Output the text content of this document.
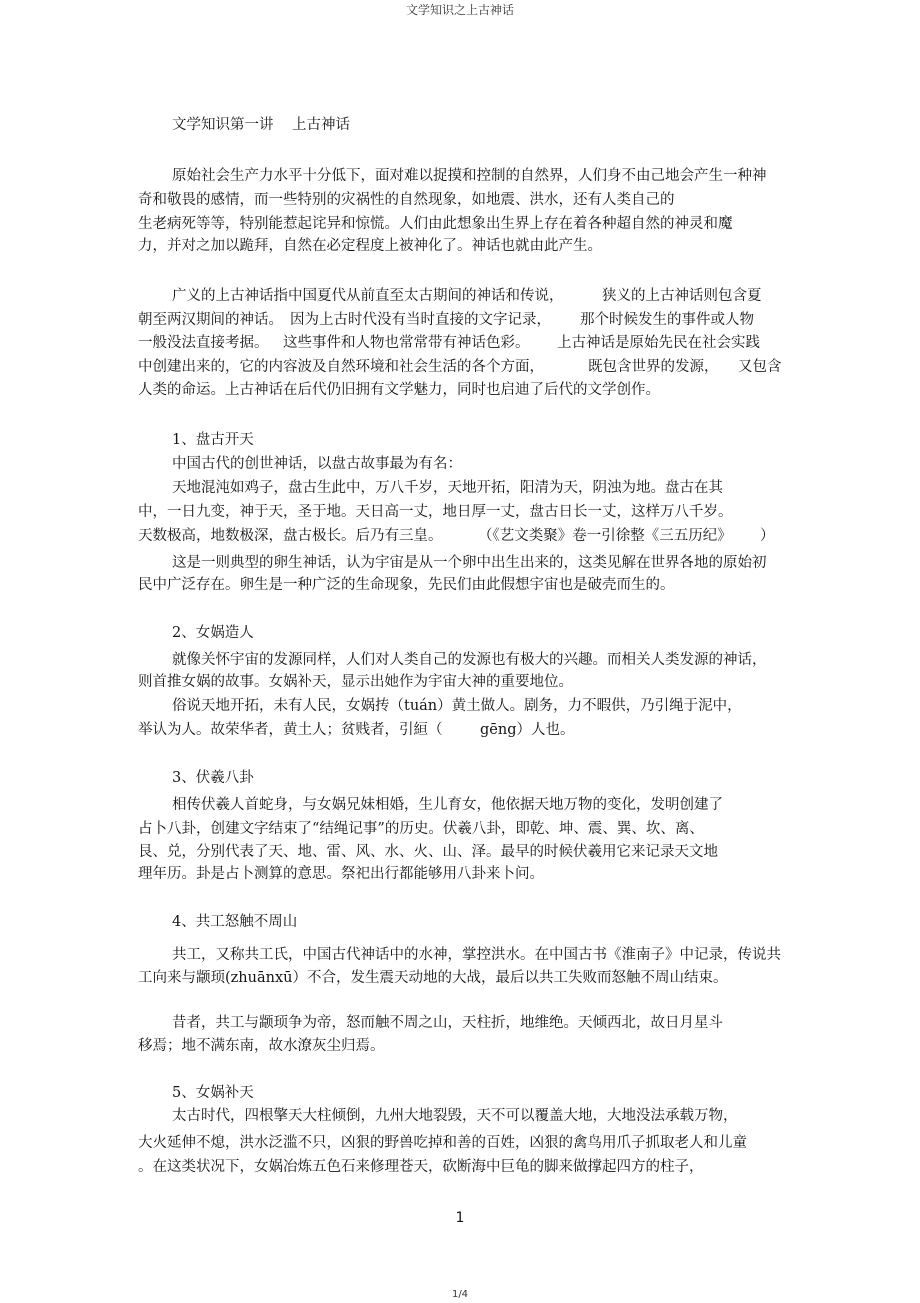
文学知识之上古神话
文学知识第一讲 上古神话
原始社会生产力水平十分低下，面对难以捉摸和控制的自然界，人们身不由己地会产生一种神
奇和敬畏的感情，而一些特别的灾祸性的自然现象，如地震、洪水，还有人类自己的
生老病死等等，特别能惹起诧异和惊慌。人们由此想象出生界上存在着各种超自然的神灵和魔
力，并对之加以跪拜，自然在必定程度上被神化了。神话也就由此产生。
广义的上古神话指中国夏代从前直至太古期间的神话和传说，	狭义的上古神话则包含夏
朝至两汉期间的神话。 因为上古时代没有当时直接的文字记录， 那个时候发生的事件或人物
一般没法直接考据。 这些事件和人物也常常带有神话色彩。 上古神话是原始先民在社会实践
中创建出来的，它的内容波及自然环境和社会生活的各个方面，	既包含世界的发源， 又包含
人类的命运。上古神话在后代仍旧拥有文学魅力，同时也启迪了后代的文学创作。
1、盘古开天
中国古代的创世神话，以盘古故事最为有名：
天地混沌如鸡子，盘古生此中，万八千岁，天地开拓，阳清为天，阴浊为地。盘古在其
中，一日九变，神于天，圣于地。天日高一丈，地日厚一丈，盘古日长一丈，这样万八千岁。
天数极高，地数极深，盘古极长。后乃有三皇。 （《艺文类聚》卷一引徐整《三五历纪》 ）
这是一则典型的卵生神话，认为宇宙是从一个卵中出生出来的，这类见解在世界各地的原始初
民中广泛存在。卵生是一种广泛的生命现象，先民们由此假想宇宙也是破壳而生的。
2、女娲造人
就像关怀宇宙的发源同样，人们对人类自己的发源也有极大的兴趣。而相关人类发源的神话，
则首推女娲的故事。女娲补天，显示出她作为宇宙大神的重要地位。
俗说天地开拓，未有人民，女娲抟（tuán）黄土做人。剧务，力不暇供，乃引绳于泥中，
举认为人。故荣华者，黄土人；贫贱者，引絙（	gēng）人也。
3、伏羲八卦
相传伏羲人首蛇身，与女娲兄妹相婚，生儿育女，他依据天地万物的变化，发明创建了
占卜八卦，创建文字结束了“结绳记事”的历史。伏羲八卦，即乾、坤、震、巽、坎、离、
艮、兑，分别代表了天、地、雷、风、水、火、山、泽。最早的时候伏羲用它来记录天文地
理年历。卦是占卜测算的意思。祭祀出行都能够用八卦来卜问。
4、共工怒触不周山
共工，又称共工氏，中国古代神话中的水神，掌控洪水。在中国古书《淮南子》中记录，传说共
工向来与颛顼(zhuānxū）不合，发生震天动地的大战，最后以共工失败而怒触不周山结束。
昔者，共工与颛顼争为帝，怒而触不周之山，天柱折，地维绝。天倾西北，故日月星斗
移焉；地不满东南，故水潦灰尘归焉。
5、女娲补天
太古时代，四根擎天大柱倾倒，九州大地裂毁，天不可以覆盖大地，大地没法承载万物，
大火延伸不熄，洪水泛滥不只，凶狠的野兽吃掉和善的百姓，凶狠的禽鸟用爪子抓取老人和儿童
。在这类状况下，女娲冶炼五色石来修理苍天，砍断海中巨龟的脚来做撑起四方的柱子，
1
1/4
